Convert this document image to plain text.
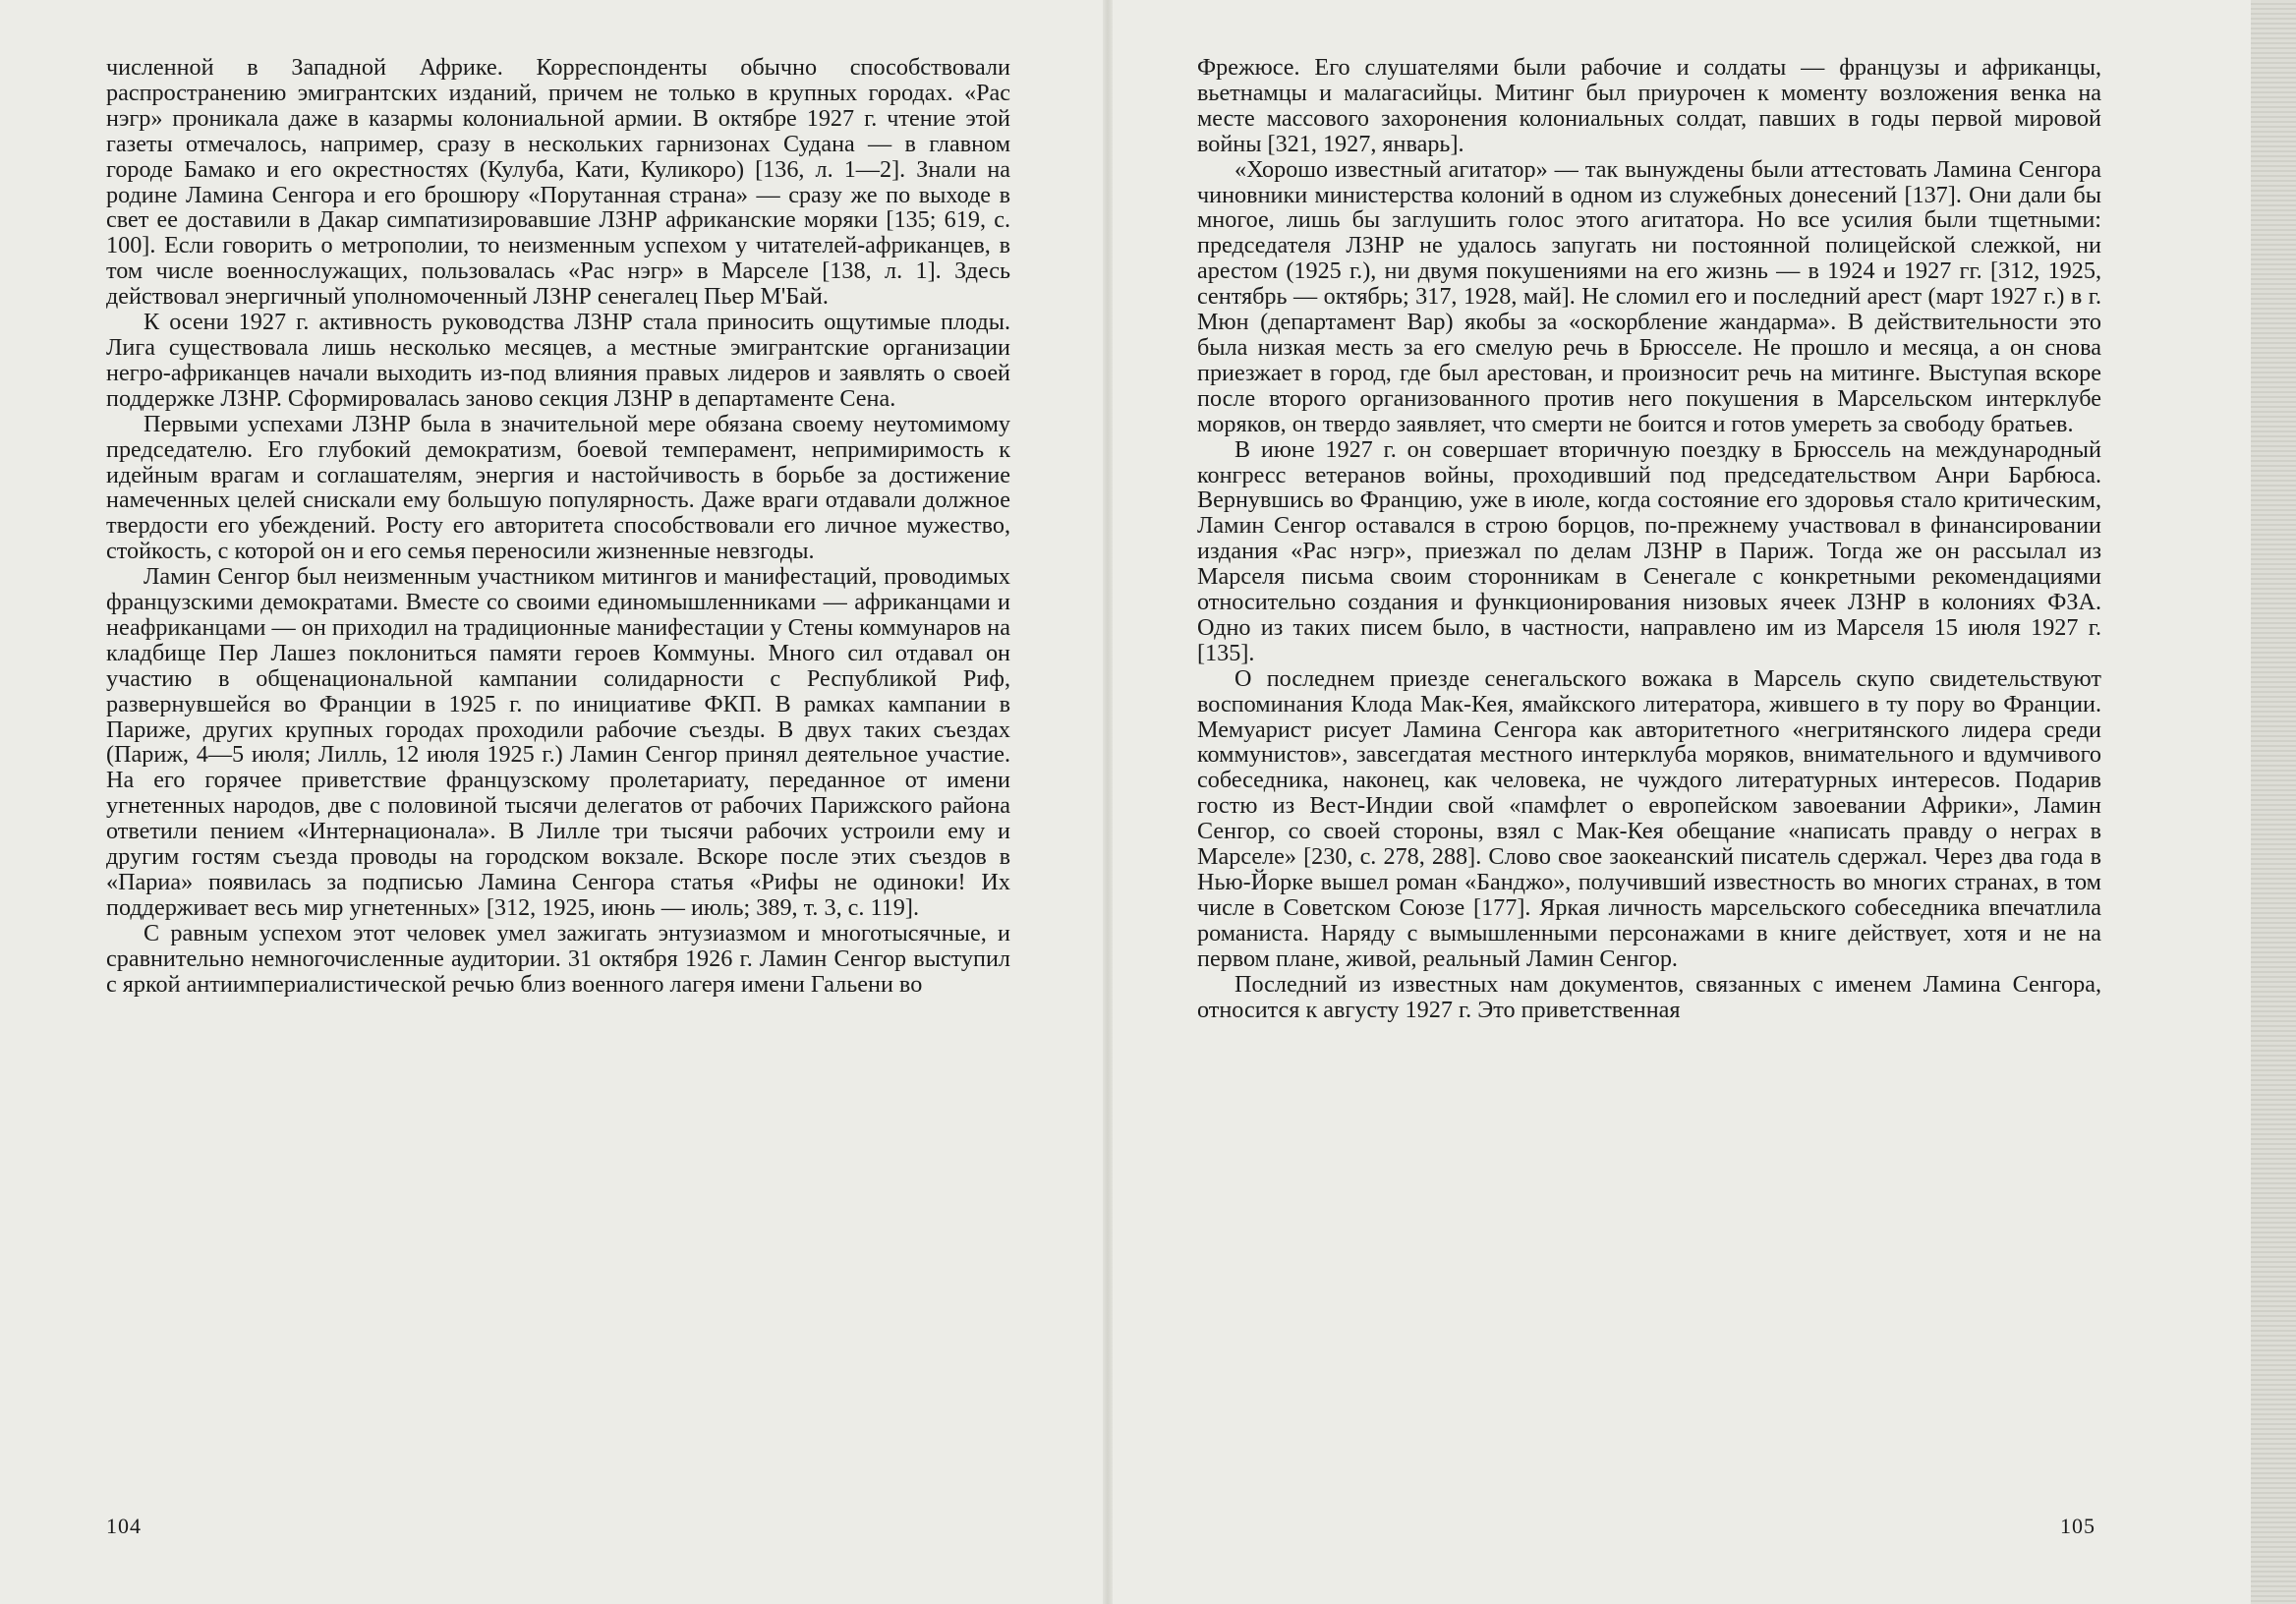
численной в Западной Африке. Корреспонденты обычно способствовали распространению эмигрантских изданий, причем не только в крупных городах. «Рас нэгр» проникала даже в казармы колониальной армии. В октябре 1927 г. чтение этой газеты отмечалось, например, сразу в нескольких гарнизонах Судана — в главном городе Бамако и его окрестностях (Кулуба, Кати, Куликоро) [136, л. 1—2]. Знали на родине Ламина Сенгора и его брошюру «Порутанная страна» — сразу же по выходе в свет ее доставили в Дакар симпатизировавшие ЛЗНР африканские моряки [135; 619, с. 100]. Если говорить о метрополии, то неизменным успехом у читателей-африканцев, в том числе военнослужащих, пользовалась «Рас нэгр» в Марселе [138, л. 1]. Здесь действовал энергичный уполномоченный ЛЗНР сенегалец Пьер М'Бай.

К осени 1927 г. активность руководства ЛЗНР стала приносить ощутимые плоды. Лига существовала лишь несколько месяцев, а местные эмигрантские организации негро-африканцев начали выходить из-под влияния правых лидеров и заявлять о своей поддержке ЛЗНР. Сформировалась заново секция ЛЗНР в департаменте Сена.

Первыми успехами ЛЗНР была в значительной мере обязана своему неутомимому председателю. Его глубокий демократизм, боевой темперамент, непримиримость к идейным врагам и соглашателям, энергия и настойчивость в борьбе за достижение намеченных целей снискали ему большую популярность. Даже враги отдавали должное твердости его убеждений. Росту его авторитета способствовали его личное мужество, стойкость, с которой он и его семья переносили жизненные невзгоды.

Ламин Сенгор был неизменным участником митингов и манифестаций, проводимых французскими демократами. Вместе со своими единомышленниками — африканцами и неафриканцами — он приходил на традиционные манифестации у Стены коммунаров на кладбище Пер Лашез поклониться памяти героев Коммуны. Много сил отдавал он участию в общенациональной кампании солидарности с Республикой Риф, развернувшейся во Франции в 1925 г. по инициативе ФКП. В рамках кампании в Париже, других крупных городах проходили рабочие съезды. В двух таких съездах (Париж, 4—5 июля; Лилль, 12 июля 1925 г.) Ламин Сенгор принял деятельное участие. На его горячее приветствие французскому пролетариату, переданное от имени угнетенных народов, две с половиной тысячи делегатов от рабочих Парижского района ответили пением «Интернационала». В Лилле три тысячи рабочих устроили ему и другим гостям съезда проводы на городском вокзале. Вскоре после этих съездов в «Париа» появилась за подписью Ламина Сенгора статья «Рифы не одиноки! Их поддерживает весь мир угнетенных» [312, 1925, июнь — июль; 389, т. 3, с. 119].

С равным успехом этот человек умел зажигать энтузиазмом и многотысячные, и сравнительно немногочисленные аудитории. 31 октября 1926 г. Ламин Сенгор выступил с яркой антиимпериалистической речью близ военного лагеря имени Гальени во

104

Фрежюсе. Его слушателями были рабочие и солдаты — французы и африканцы, вьетнамцы и малагасийцы. Митинг был приурочен к моменту возложения венка на месте массового захоронения колониальных солдат, павших в годы первой мировой войны [321, 1927, январь].

«Хорошо известный агитатор» — так вынуждены были аттестовать Ламина Сенгора чиновники министерства колоний в одном из служебных донесений [137]. Они дали бы многое, лишь бы заглушить голос этого агитатора. Но все усилия были тщетными: председателя ЛЗНР не удалось запугать ни постоянной полицейской слежкой, ни арестом (1925 г.), ни двумя покушениями на его жизнь — в 1924 и 1927 гг. [312, 1925, сентябрь — октябрь; 317, 1928, май]. Не сломил его и последний арест (март 1927 г.) в г. Мюн (департамент Вар) якобы за «оскорбление жандарма». В действительности это была низкая месть за его смелую речь в Брюсселе. Не прошло и месяца, а он снова приезжает в город, где был арестован, и произносит речь на митинге. Выступая вскоре после второго организованного против него покушения в Марсельском интерклубе моряков, он твердо заявляет, что смерти не боится и готов умереть за свободу братьев.

В июне 1927 г. он совершает вторичную поездку в Брюссель на международный конгресс ветеранов войны, проходивший под председательством Анри Барбюса. Вернувшись во Францию, уже в июле, когда состояние его здоровья стало критическим, Ламин Сенгор оставался в строю борцов, по-прежнему участвовал в финансировании издания «Рас нэгр», приезжал по делам ЛЗНР в Париж. Тогда же он рассылал из Марселя письма своим сторонникам в Сенегале с конкретными рекомендациями относительно создания и функционирования низовых ячеек ЛЗНР в колониях ФЗА. Одно из таких писем было, в частности, направлено им из Марселя 15 июля 1927 г. [135].

О последнем приезде сенегальского вожака в Марсель скупо свидетельствуют воспоминания Клода Мак-Кея, ямайкского литератора, жившего в ту пору во Франции. Мемуарист рисует Ламина Сенгора как авторитетного «негритянского лидера среди коммунистов», завсегдатая местного интерклуба моряков, внимательного и вдумчивого собеседника, наконец, как человека, не чуждого литературных интересов. Подарив гостю из Вест-Индии свой «памфлет о европейском завоевании Африки», Ламин Сенгор, со своей стороны, взял с Мак-Кея обещание «написать правду о неграх в Марселе» [230, с. 278, 288]. Слово свое заокеанский писатель сдержал. Через два года в Нью-Йорке вышел роман «Банджо», получивший известность во многих странах, в том числе в Советском Союзе [177]. Яркая личность марсельского собеседника впечатлила романиста. Наряду с вымышленными персонажами в книге действует, хотя и не на первом плане, живой, реальный Ламин Сенгор.

Последний из известных нам документов, связанных с именем Ламина Сенгора, относится к августу 1927 г. Это приветственная

105
